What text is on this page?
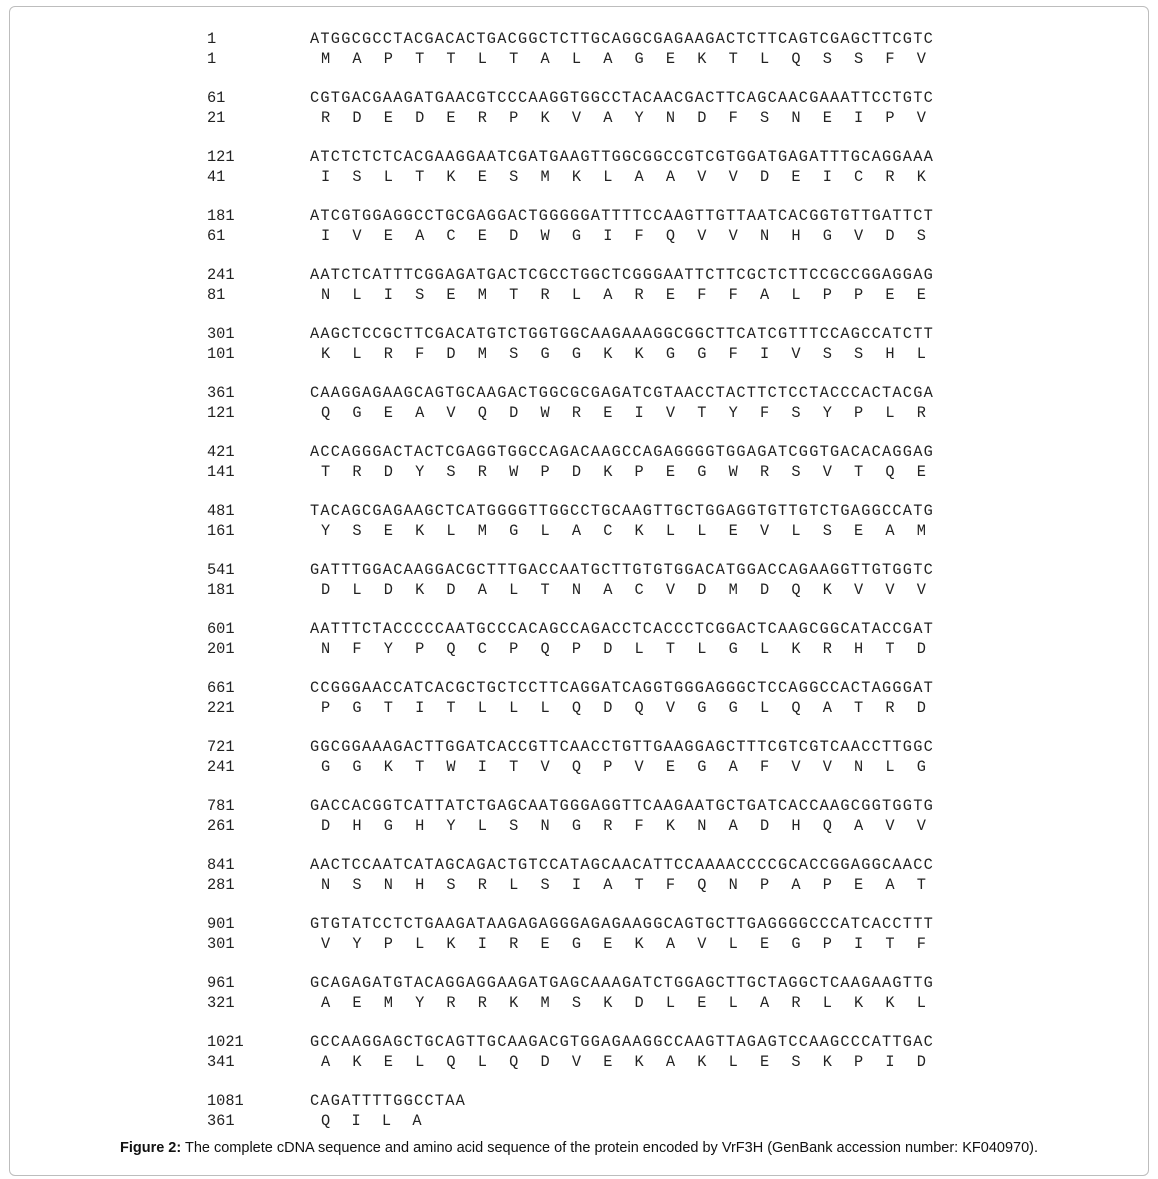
1	ATGGCGCCTACGACACTGACGGCTCTTGCAGGCGAGAAGACTCTTCAGTCGAGCTTCGTC
1	M A P T T L T A L A G E K T L Q S S F V
61	CGTGACGAAGATGAACGTCCCAAGGTGGCCTACAACGACTTCAGCAACGAAATTCCTGTC
21	R D E D E R P K V A Y N D F S N E I P V
121	ATCTCTCTCACGAAGGAATCGATGAAGTTGGCGGCCGTCGTGGATGAGATTTGCAGGAAA
41	I S L T K E S M K L A A V V D E I C R K
181	ATCGTGGAGGCCTGCGAGGACTGGGGGATTTTCCAAGTTGTTAATCACGGTGTTGATTCT
61	I V E A C E D W G I F Q V V N H G V D S
241	AATCTCATTTCGGAGATGACTCGCCTGGCTCGGGAATTCTTCGCTCTTCCGCCGGAGGAG
81	N L I S E M T R L A R E F F A L P P E E
301	AAGCTCCGCTTCGACATGTCTGGTGGCAAGAAAGGCGGCTTCATCGTTTCCAGCCATCTT
101	K L R F D M S G G K K G G F I V S S H L
361	CAAGGAGAAGCAGTGCAAGACTGGCGCGAGATCGTAACCTACTTCTCCTACCCACTACGA
121	Q G E A V Q D W R E I V T Y F S Y P L R
421	ACCAGGGACTACTCGAGGTGGCCAGACAAGCCAGAGGGGTGGAGATCGGTGACACAGGAG
141	T R D Y S R W P D K P E G W R S V T Q E
481	TACAGCGAGAAGCTCATGGGGTTGGCCTGCAAGTTGCTGGAGGTGTTGTCTGAGGCCATG
161	Y S E K L M G L A C K L L E V L S E A M
541	GATTTGGACAAGGACGCTTTGACCAATGCTTGTGTGGACATGGACCAGAAGGTTGTGGTC
181	D L D K D A L T N A C V D M D Q K V V V
601	AATTTCTACCCCCAATGCCCACAGCCAGACCTCACCCTCGGACTCAAGCGGCATACCGAT
201	N F Y P Q C P Q P D L T L G L K R H T D
661	CCGGGAACCATCACGCTGCTCCTTCAGGATCAGGTGGGAGGGCTCCAGGCCACTAGGGAT
221	P G T I T L L L Q D Q V G G L Q A T R D
721	GGCGGAAAGACTTGGATCACCGTTCAACCTGTTGAAGGAGCTTTCGTCGTCAACCTTGGC
241	G G K T W I T V Q P V E G A F V V N L G
781	GACCACGGTCATTATCTGAGCAATGGGAGGTTCAAGAATGCTGATCACCAAGCGGTGGTG
261	D H G H Y L S N G R F K N A D H Q A V V
841	AACTCCAATCATAGCAGACTGTCCATAGCAACATTCCAAAACCCCGCACCGGAGGCAACC
281	N S N H S R L S I A T F Q N P A P E A T
901	GTGTATCCTCTGAAGATAAGAGAGGGAGAGAAGGCAGTGCTTGAGGGGCCCATCACCTTT
301	V Y P L K I R E G E K A V L E G P I T F
961	GCAGAGATGTACAGGAGGAAGATGAGCAAAGATCTGGAGCTTGCTAGGCTCAAGAAGTTG
321	A E M Y R R K M S K D L E L A R L K K L
1021	GCCAAGGAGCTGCAGTTGCAAGACGTGGAGAAGGCCAAGTTAGAGTCCAAGCCCATTGAC
341	A K E L Q L Q D V E K A K L E S K P I D
1081	CAGATTTTGGCCTAA
361	Q I L A
Figure 2: The complete cDNA sequence and amino acid sequence of the protein encoded by VrF3H (GenBank accession number: KF040970).
